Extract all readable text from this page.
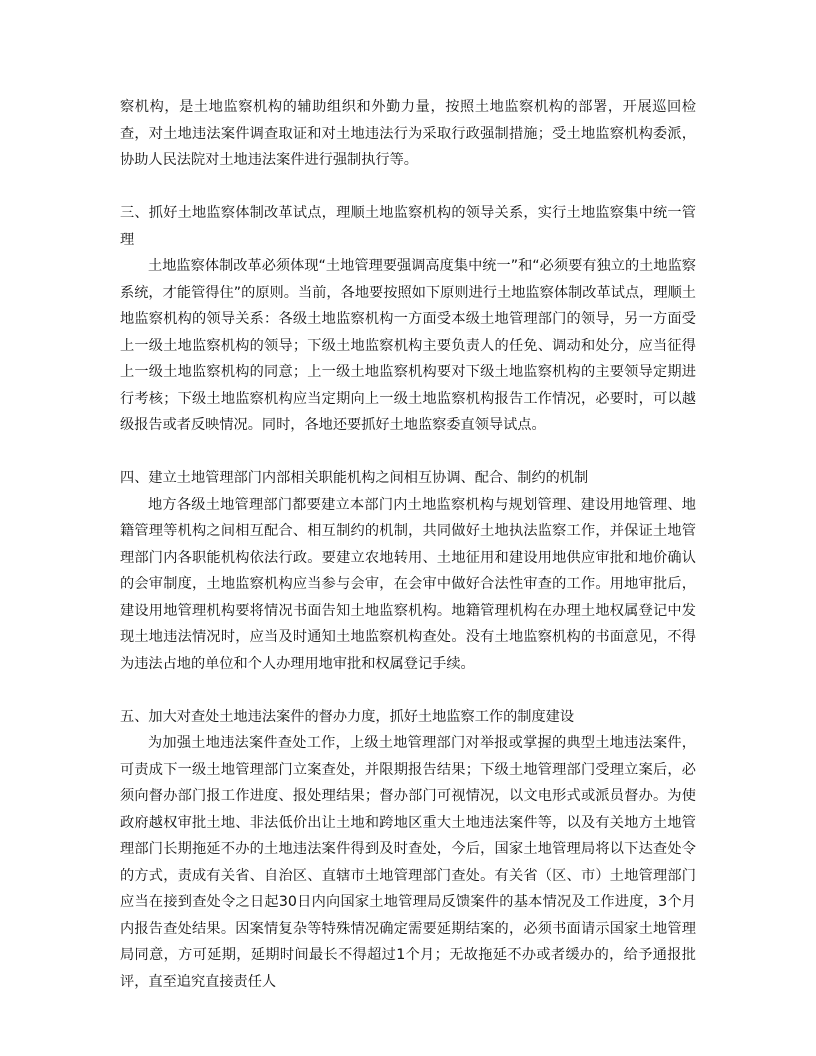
察机构，是土地监察机构的辅助组织和外勤力量，按照土地监察机构的部署，开展巡回检查，对土地违法案件调查取证和对土地违法行为采取行政强制措施；受土地监察机构委派，协助人民法院对土地违法案件进行强制执行等。

三、抓好土地监察体制改革试点，理顺土地监察机构的领导关系，实行土地监察集中统一管理

土地监察体制改革必须体现“土地管理要强调高度集中统一”和“必须要有独立的土地监察系统，才能管得住”的原则。当前，各地要按照如下原则进行土地监察体制改革试点，理顺土地监察机构的领导关系：各级土地监察机构一方面受本级土地管理部门的领导，另一方面受上一级土地监察机构的领导；下级土地监察机构主要负责人的任免、调动和处分，应当征得上一级土地监察机构的同意；上一级土地监察机构要对下级土地监察机构的主要领导定期进行考核；下级土地监察机构应当定期向上一级土地监察机构报告工作情况，必要时，可以越级报告或者反映情况。同时，各地还要抓好土地监察委直领导试点。

四、建立土地管理部门内部相关职能机构之间相互协调、配合、制约的机制

地方各级土地管理部门都要建立本部门内土地监察机构与规划管理、建设用地管理、地籍管理等机构之间相互配合、相互制约的机制，共同做好土地执法监察工作，并保证土地管理部门内各职能机构依法行政。要建立农地转用、土地征用和建设用地供应审批和地价确认的会审制度，土地监察机构应当参与会审，在会审中做好合法性审查的工作。用地审批后，建设用地管理机构要将情况书面告知土地监察机构。地籍管理机构在办理土地权属登记中发现土地违法情况时，应当及时通知土地监察机构查处。没有土地监察机构的书面意见，不得为违法占地的单位和个人办理用地审批和权属登记手续。

五、加大对查处土地违法案件的督办力度，抓好土地监察工作的制度建设

为加强土地违法案件查处工作，上级土地管理部门对举报或掌握的典型土地违法案件，可责成下一级土地管理部门立案查处，并限期报告结果；下级土地管理部门受理立案后，必须向督办部门报工作进度、报处理结果；督办部门可视情况，以文电形式或派员督办。为使政府越权审批土地、非法低价出让土地和跨地区重大土地违法案件等，以及有关地方土地管理部门长期拖延不办的土地违法案件得到及时查处，今后，国家土地管理局将以下达查处令的方式，责成有关省、自治区、直辖市土地管理部门查处。有关省（区、市）土地管理部门应当在接到查处令之日起30日内向国家土地管理局反馈案件的基本情况及工作进度，3个月内报告查处结果。因案情复杂等特殊情况确定需要延期结案的，必须书面请示国家土地管理局同意，方可延期，延期时间最长不得超过1个月；无故拖延不办或者缓办的，给予通报批评，直至追究直接责任人
